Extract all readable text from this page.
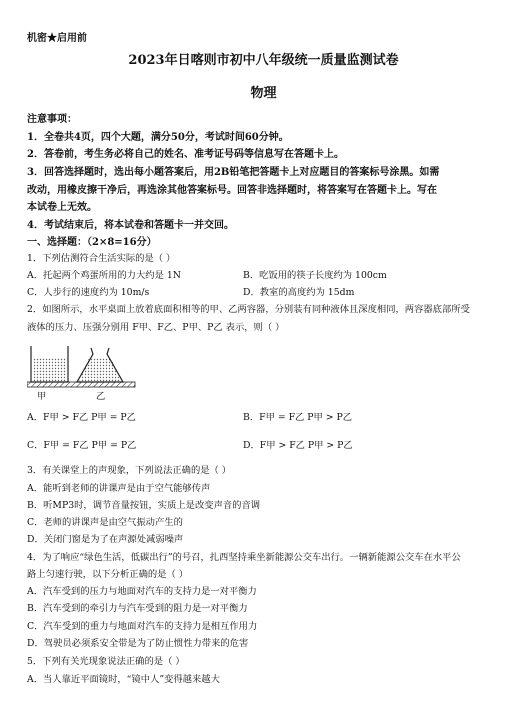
机密★启用前
2023年日喀则市初中八年级统一质量监测试卷
物理
注意事项：
1．全卷共4页，四个大题，满分50分，考试时间60分钟。
2．答卷前，考生务必将自己的姓名、准考证号码等信息写在答题卡上。
3．回答选择题时，选出每小题答案后，用2B铅笔把答题卡上对应题目的答案标号涂黑。如需
改动，用橡皮擦干净后，再选涂其他答案标号。回答非选择题时，将答案写在答题卡上。写在
本试卷上无效。
4．考试结束后，将本试卷和答题卡一并交回。
一、选择题：（2×8=16分）
1．下列估测符合生活实际的是（ ）
A．托起两个鸡蛋所用的力大约是 1N	B．吃饭用的筷子长度约为 100cm
C．人步行的速度约为 10m/s	D．教室的高度约为 15dm
2．如图所示，水平桌面上放着底面积相等的甲、乙两容器，分别装有同种液体且深度相同，两容器底部所受
液体的压力、压强分别用 F甲、F乙、P甲、P乙 表示，则（ ）
甲	乙
A．F甲 > F乙 P甲 = P乙	B．F甲 = F乙 P甲 > P乙
C．F甲 = F乙 P甲 = P乙	D．F甲 > F乙 P甲 > P乙
3．有关课堂上的声现象，下列说法正确的是（ ）
A．能听到老师的讲课声是由于空气能够传声
B．听MP3时，调节音量按钮，实质上是改变声音的音调
C．老师的讲课声是由空气振动产生的
D．关闭门窗是为了在声源处减弱噪声
4．为了响应“绿色生活，低碳出行”的号召，扎西坚持乘坐新能源公交车出行。一辆新能源公交车在水平公
路上匀速行驶，以下分析正确的是（ ）
A．汽车受到的压力与地面对汽车的支持力是一对平衡力
B．汽车受到的牵引力与汽车受到的阻力是一对平衡力
C．汽车受到的重力与地面对汽车的支持力是相互作用力
D．驾驶员必须系安全带是为了防止惯性力带来的危害
5．下列有关光现象说法正确的是（ ）
A．当人靠近平面镜时，“镜中人”变得越来越大
